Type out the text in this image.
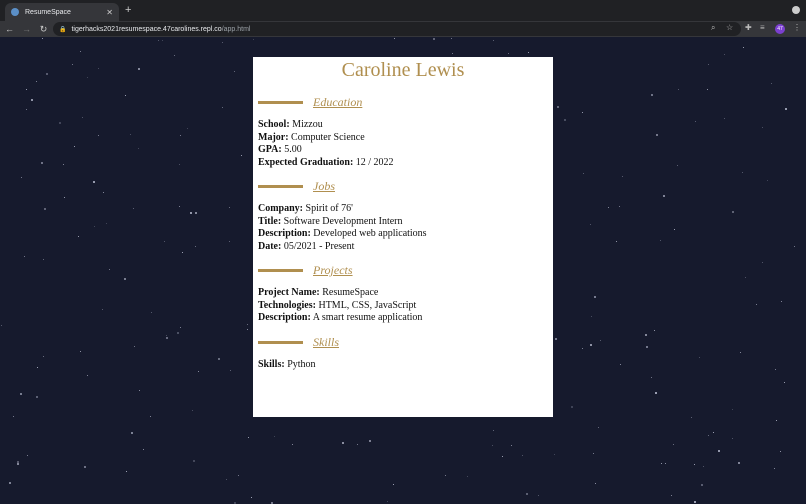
ResumeSpace	✕ +
← → ↻	🔒 tigerhacks2021resumespace.47carolines.repl.co /app.html	⌕ ☆ ✚ ≡	47 ⋮
Caroline Lewis
Education
School: Mizzou
Major: Computer Science
GPA: 5.00
Expected Graduation: 12 / 2022
Jobs
Company: Spirit of 76'
Title: Software Development Intern
Description: Developed web applications
Date: 05/2021 - Present
Projects
Project Name: ResumeSpace
Technologies: HTML, CSS, JavaScript
Description: A smart resume application
Skills
Skills: Python
